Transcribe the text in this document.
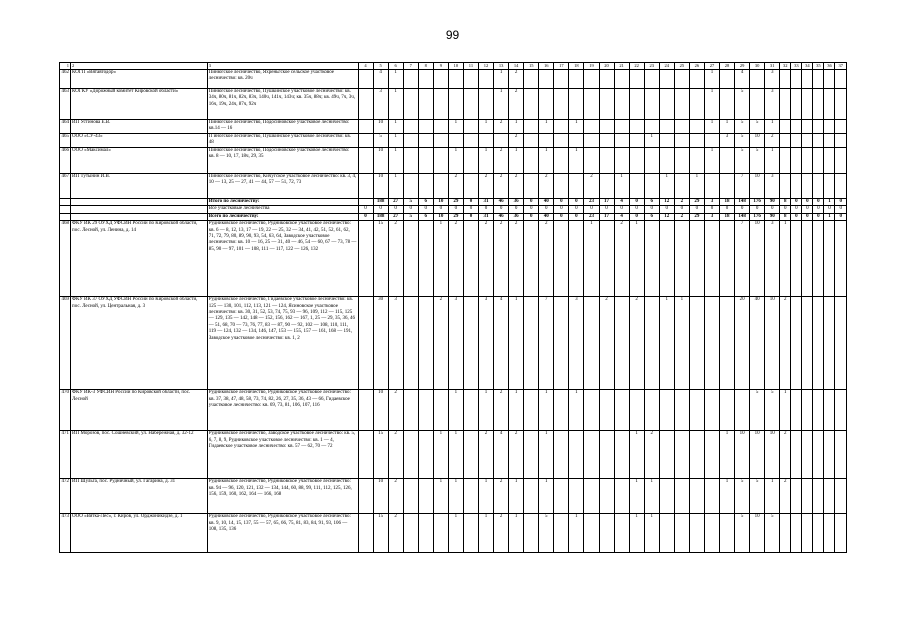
99
1	2	3	4	5	6	7	8	9	10	11	12	13	14	15	16	17	18	19	20	21	22	23	24	25	26	27	28	29	30	31	32	33	34	35	36	37
462	КОГП «Вятавтодор»	Пинюгское лесничество, Яхреньгское сельское участковое лесничество: кв. 20ч		4	1							1	2													1		4		3						
463	КОГКУ «Дорожный комитет Кировской области»	Пинюгское лесничество, Пушкинское участковое лесничество: кв. 34ч, 80ч, 81ч, 82ч, 83ч, 140ч, 141ч, 143ч; кв. 35ч, 88ч; кв. 49ч, 7ч, 3ч, 16ч, 19ч, 24ч, 87ч, 92ч		3	1							1	2													1		5		3						
464	ИП Устинова Е.В.	Пинюгское лесничество, Подосиновское участковое лесничество: кв.14 — 16		10	1				1		1	2	1		1		1									1	1	5	5	1						
465	ООО «СУ-43»	П иногское лесничество, Пушкинское участковое лесничество: кв. 48		5	1								2									1					3	5	10	2						
466	ООО «Максимал»	Пинюгское лесничество, Подосиновское участковое лесничество: кв. 8 — 10, 17, 18ч, 29, 35		10	1				1		1	2	1		1		1									1		5	5	1						
467	ИП Тутынин И.В.	Пинюгское лесничество, Кичугское участковое лесничество: кв. 3, 4, 10 — 13, 25 — 27, 41 — 44, 57 — 51, 72, 73		10	1				2		2	2	2		2			2		1			1		1			7	10	3						
		Итого по лесничеству:		188	27	5	6	10	29	0	31	46	36	0	40	0	0	23	17	4	0	6	12	2	29	3	18	148	176	90	8	0	0	0	1	0
		Все участковые лесничества	0	0	0	0	0	0	0	0	0	0	0	0	0	0	0	0	0	0	0	0	0	0	0	0	0	0	0	0	0	0	0	0	0	0
		Всего по лесничеству:	0	188	27	5	6	10	29	0	31	46	36	0	40	0	0	23	17	4	0	6	12	2	29	3	18	148	176	90	8	0	0	0	1	0
468	ФКУ ИК 29 ОУХД УФСИН России по Кировской области, пос. Лесной, ул. Ленина, д. 14	Рудниковское лесничество, Рудниковское участковое лесничество: кв. 6 — 8, 12, 13, 17 — 19, 22 — 25, 32 — 34, 41, 42, 51, 52, 61, 62, 71, 72, 79, 80, 89, 90, 93, 54, 63, 64, Заводское участковое лесничество: кв. 10 — 16, 25 — 31, 40 — 46, 54 — 60, 67 — 73, 78 — 85, 90 — 97, 101 — 108, 111 — 117, 122 — 126, 132		15	2			1	2		2	2	2		2			1		2	1							7	10	3	1					
469	ФКУ ИК 37 ОУХД УФСИН России по Кировской области, пос. Лесной, ул. Центральная, д. 3	Рудниковское лесничество, Гидаевское участковое лесничество: кв. 125 — 130, 101, 112, 113, 121 — 124, Ясиновское участковое лесничество: кв. 30, 31, 52, 53, 74, 75, 93 — 96, 109, 112 — 115, 125 — 129, 135 — 142, 148 — 152, 156, 162 — 167, 1, 25 — 29, 35, 36, 46 — 51, 68, 70 — 73, 76, 77, 83 — 87, 90 — 92, 102 — 108, 110, 111, 119 — 124, 132 — 134, 146, 147, 153 — 155, 157 — 161, 168 — 191, Заводское участковое лесничество: кв. 1, 2		30	3			2	3		3	4	1		7		3		2		2		1	1				20	40	10	2					
470	ФКУ ИК-3 УФСИН России по Кировской области, пос. Лесной	Рудниковское лесничество, Рудниковское участковое лесничество: кв. 37, 38, 47, 48, 58, 73, 74, 82, 26, 27, 35, 36, 43 — 66, Гидаевское участковое лесничество: кв. 69, 73, 81, 106, 107, 116		10	2				1		1	2	1		1		1												5	5	1					
471	ИП Морозов, пос. Сошневский, ул. Набережная, д. 32-12	Рудниковское лесничество, Заводское участковое лесничество: кв. 5, 6, 7, 8, 9, Рудниковское участковое лесничество: кв. 1 — 4, Гидаевское участковое лесничество: кв. 57 — 62, 70 — 72		15	2			1	1		2	4	2		1						1	2					1	10	10	10	2					
472	ИП Шульга, пос. Рудничный, ул. Гагарина, д. 31	Рудниковское лесничество, Рудниковское участковое лесничество: кв. 94 — 96, 120, 121, 132 — 134, 144, 60, 88, 99, 111, 112, 125, 126, 156, 159, 160, 162, 164 — 166, 168		10	2			1	1		1	2	1		1						1	1					1	5	5	1	2					
473	ООО «Вятка-Лес», г. Киров, ул. Орджоникидзе, д. 1	Рудниковское лесничество, Рудниковское участковое лесничество: кв. 9, 10, 14, 15, 137, 55 — 57, 65, 66, 75, 81, 83, 84, 91, 93, 106 — 108, 135, 136		15	2				1		1	2	1		5		1				1	1						5	10	5						
